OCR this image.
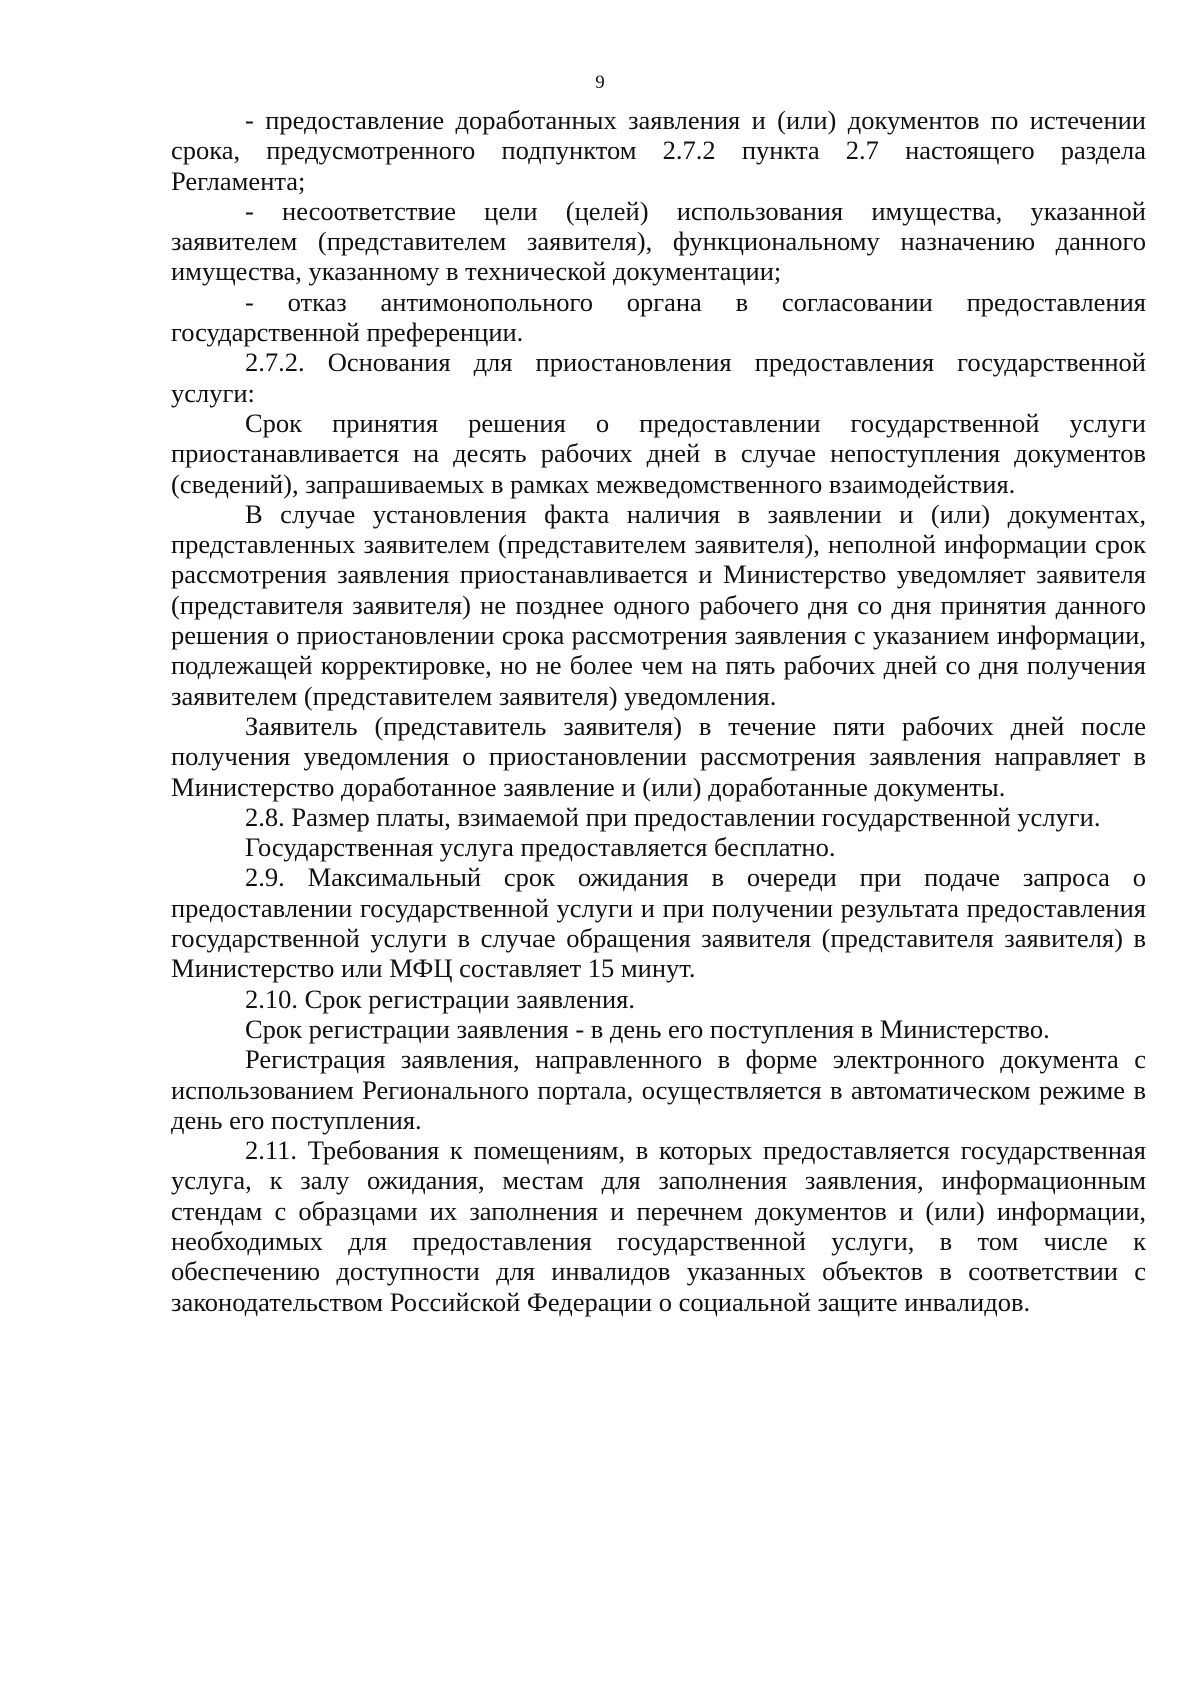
9

- предоставление доработанных заявления и (или) документов по истечении срока, предусмотренного подпунктом 2.7.2 пункта 2.7 настоящего раздела Регламента;

- несоответствие цели (целей) использования имущества, указанной заявителем (представителем заявителя), функциональному назначению данного имущества, указанному в технической документации;

- отказ антимонопольного органа в согласовании предоставления государственной преференции.

2.7.2. Основания для приостановления предоставления государственной услуги:

Срок принятия решения о предоставлении государственной услуги приостанавливается на десять рабочих дней в случае непоступления документов (сведений), запрашиваемых в рамках межведомственного взаимодействия.

В случае установления факта наличия в заявлении и (или) документах, представленных заявителем (представителем заявителя), неполной информации срок рассмотрения заявления приостанавливается и Министерство уведомляет заявителя (представителя заявителя) не позднее одного рабочего дня со дня принятия данного решения о приостановлении срока рассмотрения заявления с указанием информации, подлежащей корректировке, но не более чем на пять рабочих дней со дня получения заявителем (представителем заявителя) уведомления.

Заявитель (представитель заявителя) в течение пяти рабочих дней после получения уведомления о приостановлении рассмотрения заявления направляет в Министерство доработанное заявление и (или) доработанные документы.

2.8. Размер платы, взимаемой при предоставлении государственной услуги.

Государственная услуга предоставляется бесплатно.

2.9. Максимальный срок ожидания в очереди при подаче запроса о предоставлении государственной услуги и при получении результата предоставления государственной услуги в случае обращения заявителя (представителя заявителя) в Министерство или МФЦ составляет 15 минут.

2.10. Срок регистрации заявления.

Срок регистрации заявления - в день его поступления в Министерство.

Регистрация заявления, направленного в форме электронного документа с использованием Регионального портала, осуществляется в автоматическом режиме в день его поступления.

2.11. Требования к помещениям, в которых предоставляется государственная услуга, к залу ожидания, местам для заполнения заявления, информационным стендам с образцами их заполнения и перечнем документов и (или) информации, необходимых для предоставления государственной услуги, в том числе к обеспечению доступности для инвалидов указанных объектов в соответствии с законодательством Российской Федерации о социальной защите инвалидов.
